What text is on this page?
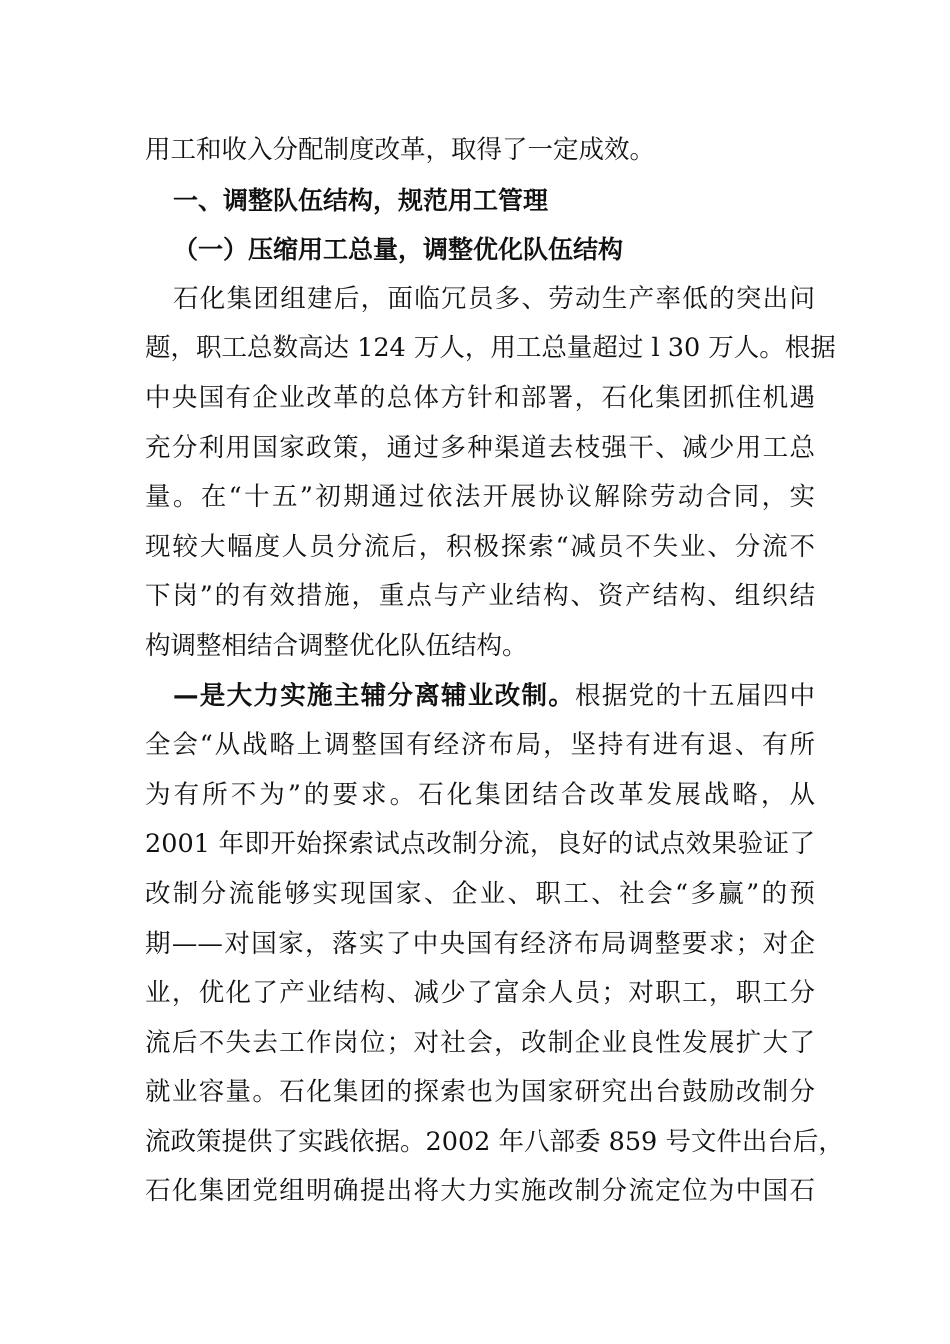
用工和收入分配制度改革，取得了一定成效。
一、调整队伍结构，规范用工管理
（一）压缩用工总量，调整优化队伍结构
石化集团组建后，面临冗员多、劳动生产率低的突出问
题，职工总数高达 124 万人，用工总量超过 l 30 万人。根据
中央国有企业改革的总体方针和部署，石化集团抓住机遇
充分利用国家政策，通过多种渠道去枝强干、减少用工总
量。在“十五”初期通过依法开展协议解除劳动合同，实
现较大幅度人员分流后，积极探索“减员不失业、分流不
下岗”的有效措施，重点与产业结构、资产结构、组织结
构调整相结合调整优化队伍结构。
—是大力实施主辅分离辅业改制。根据党的十五届四中
全会“从战略上调整国有经济布局，坚持有进有退、有所
为有所不为”的要求。石化集团结合改革发展战略，从
2001 年即开始探索试点改制分流，良好的试点效果验证了
改制分流能够实现国家、企业、职工、社会“多赢”的预
期——对国家，落实了中央国有经济布局调整要求；对企
业，优化了产业结构、减少了富余人员；对职工，职工分
流后不失去工作岗位；对社会，改制企业良性发展扩大了
就业容量。石化集团的探索也为国家研究出台鼓励改制分
流政策提供了实践依据。2002 年八部委 859 号文件出台后，
石化集团党组明确提出将大力实施改制分流定位为中国石
